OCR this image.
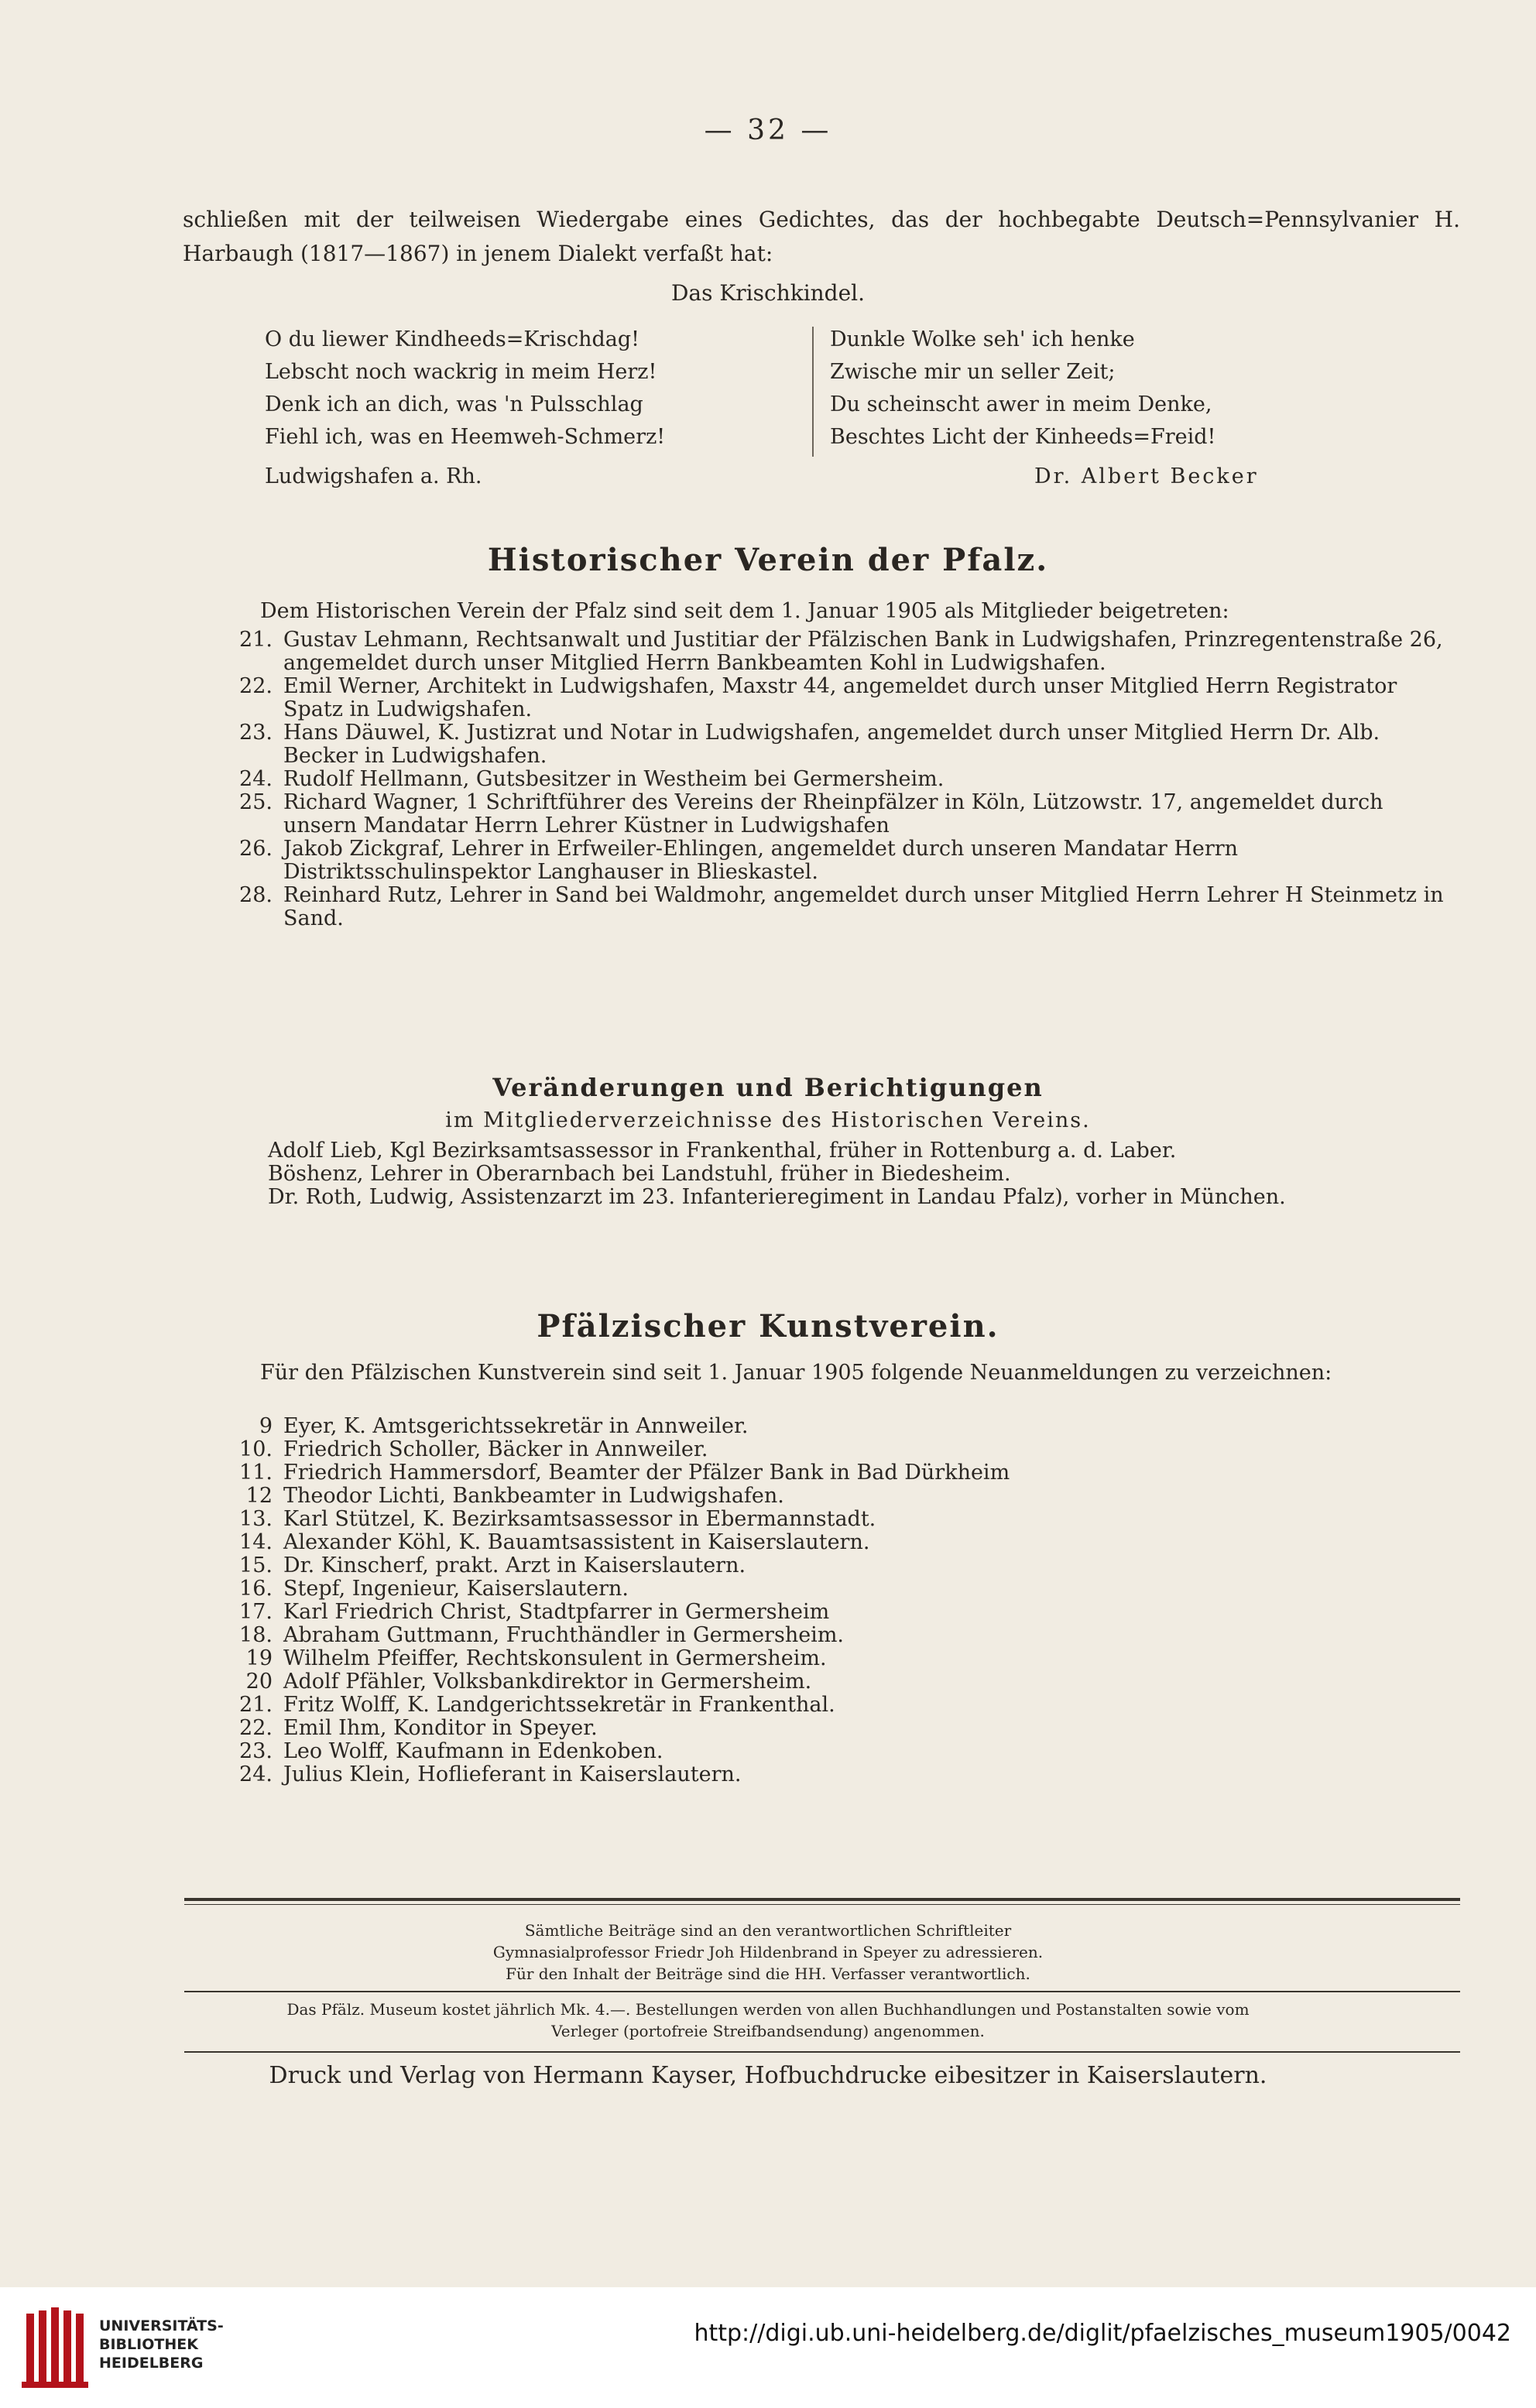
— 32 —
schließen mit der teilweisen Wiedergabe eines Gedichtes, das der hochbegabte Deutsch=Pennsylvanier H. Harbaugh (1817—1867) in jenem Dialekt verfaßt hat:
Das Krischkindel.
O du liewer Kindheeds=Krischdag!
Lebscht noch wackrig in meim Herz!
Denk ich an dich, was 'n Pulsschlag
Fiehl ich, was en Heemweh-Schmerz!
Dunkle Wolke seh' ich henke
Zwische mir un seller Zeit;
Du scheinscht awer in meim Denke,
Beschtes Licht der Kinheeds=Freid!
Ludwigshafen a. Rh.	Dr. Albert Becker
Historischer Verein der Pfalz.
Dem Historischen Verein der Pfalz sind seit dem 1. Januar 1905 als Mitglieder beigetreten:
21. Gustav Lehmann, Rechtsanwalt und Justitiar der Pfälzischen Bank in Ludwigshafen, Prinzregentenstraße 26, angemeldet durch unser Mitglied Herrn Bankbeamten Kohl in Ludwigshafen.
22. Emil Werner, Architekt in Ludwigshafen, Maxstr 44, angemeldet durch unser Mitglied Herrn Registrator Spatz in Ludwigshafen.
23. Hans Däuwel, K. Justizrat und Notar in Ludwigshafen, angemeldet durch unser Mitglied Herrn Dr. Alb. Becker in Ludwigshafen.
24. Rudolf Hellmann, Gutsbesitzer in Westheim bei Germersheim.
25. Richard Wagner, 1 Schriftführer des Vereins der Rheinpfälzer in Köln, Lützowstr. 17, angemeldet durch unsern Mandatar Herrn Lehrer Küstner in Ludwigshafen
26. Jakob Zickgraf, Lehrer in Erfweiler-Ehlingen, angemeldet durch unseren Mandatar Herrn Distriktsschulinspektor Langhauser in Blieskastel.
28. Reinhard Rutz, Lehrer in Sand bei Waldmohr, angemeldet durch unser Mitglied Herrn Lehrer H Steinmetz in Sand.
Veränderungen und Berichtigungen
im Mitgliederverzeichnisse des Historischen Vereins.
Adolf Lieb, Kgl Bezirksamtsassessor in Frankenthal, früher in Rottenburg a. d. Laber.
Böshenz, Lehrer in Oberarnbach bei Landstuhl, früher in Biedesheim.
Dr. Roth, Ludwig, Assistenzarzt im 23. Infanterieregiment in Landau Pfalz), vorher in München.
Pfälzischer Kunstverein.
Für den Pfälzischen Kunstverein sind seit 1. Januar 1905 folgende Neuanmeldungen zu verzeichnen:
9 Eyer, K. Amtsgerichtssekretär in Annweiler.
10. Friedrich Scholler, Bäcker in Annweiler.
11. Friedrich Hammersdorf, Beamter der Pfälzer Bank in Bad Dürkheim
12 Theodor Lichti, Bankbeamter in Ludwigshafen.
13. Karl Stützel, K. Bezirksamtsassessor in Ebermannstadt.
14. Alexander Köhl, K. Bauamtsassistent in Kaiserslautern.
15. Dr. Kinscherf, prakt. Arzt in Kaiserslautern.
16. Stepf, Ingenieur, Kaiserslautern.
17. Karl Friedrich Christ, Stadtpfarrer in Germersheim
18. Abraham Guttmann, Fruchthändler in Germersheim.
19 Wilhelm Pfeiffer, Rechtskonsulent in Germersheim.
20 Adolf Pfähler, Volksbankdirektor in Germersheim.
21. Fritz Wolff, K. Landgerichtssekretär in Frankenthal.
22. Emil Ihm, Konditor in Speyer.
23. Leo Wolff, Kaufmann in Edenkoben.
24. Julius Klein, Hoflieferant in Kaiserslautern.
Sämtliche Beiträge sind an den verantwortlichen Schriftleiter
Gymnasialprofessor Friedr Joh Hildenbrand in Speyer zu adressieren.
Für den Inhalt der Beiträge sind die HH. Verfasser verantwortlich.
Das Pfälz. Museum kostet jährlich Mk. 4.—. Bestellungen werden von allen Buchhandlungen und Postanstalten sowie vom
Verleger (portofreie Streifbandsendung) angenommen.
Druck und Verlag von Hermann Kayser, Hofbuchdrucke eibesitzer in Kaiserslautern.
UNIVERSITÄTS-
BIBLIOTHEK
HEIDELBERG
http://digi.ub.uni-heidelberg.de/diglit/pfaelzisches_museum1905/0042
